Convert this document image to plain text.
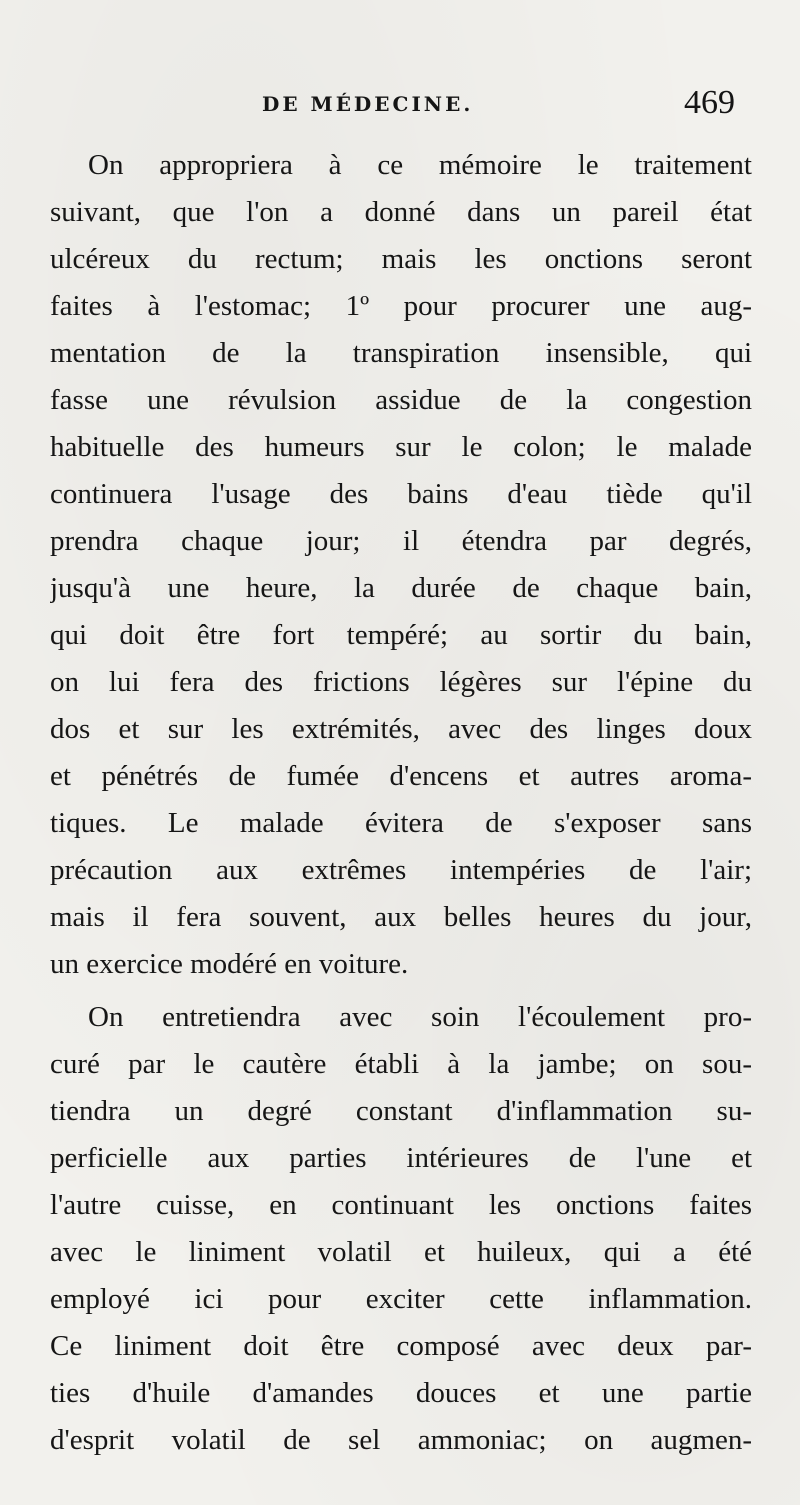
DE MÉDECINE.	469
On appropriera à ce mémoire le traitement
suivant, que l'on a donné dans un pareil état
ulcéreux du rectum; mais les onctions seront
faites à l'estomac; 1º pour procurer une aug-
mentation de la transpiration insensible, qui
fasse une révulsion assidue de la congestion
habituelle des humeurs sur le colon; le malade
continuera l'usage des bains d'eau tiède qu'il
prendra chaque jour; il étendra par degrés,
jusqu'à une heure, la durée de chaque bain,
qui doit être fort tempéré; au sortir du bain,
on lui fera des frictions légères sur l'épine du
dos et sur les extrémités, avec des linges doux
et pénétrés de fumée d'encens et autres aroma-
tiques. Le malade évitera de s'exposer sans
précaution aux extrêmes intempéries de l'air;
mais il fera souvent, aux belles heures du jour,
un exercice modéré en voiture.
On entretiendra avec soin l'écoulement pro-
curé par le cautère établi à la jambe; on sou-
tiendra un degré constant d'inflammation su-
perficielle aux parties intérieures de l'une et
l'autre cuisse, en continuant les onctions faites
avec le liniment volatil et huileux, qui a été
employé ici pour exciter cette inflammation.
Ce liniment doit être composé avec deux par-
ties d'huile d'amandes douces et une partie
d'esprit volatil de sel ammoniac; on augmen-
